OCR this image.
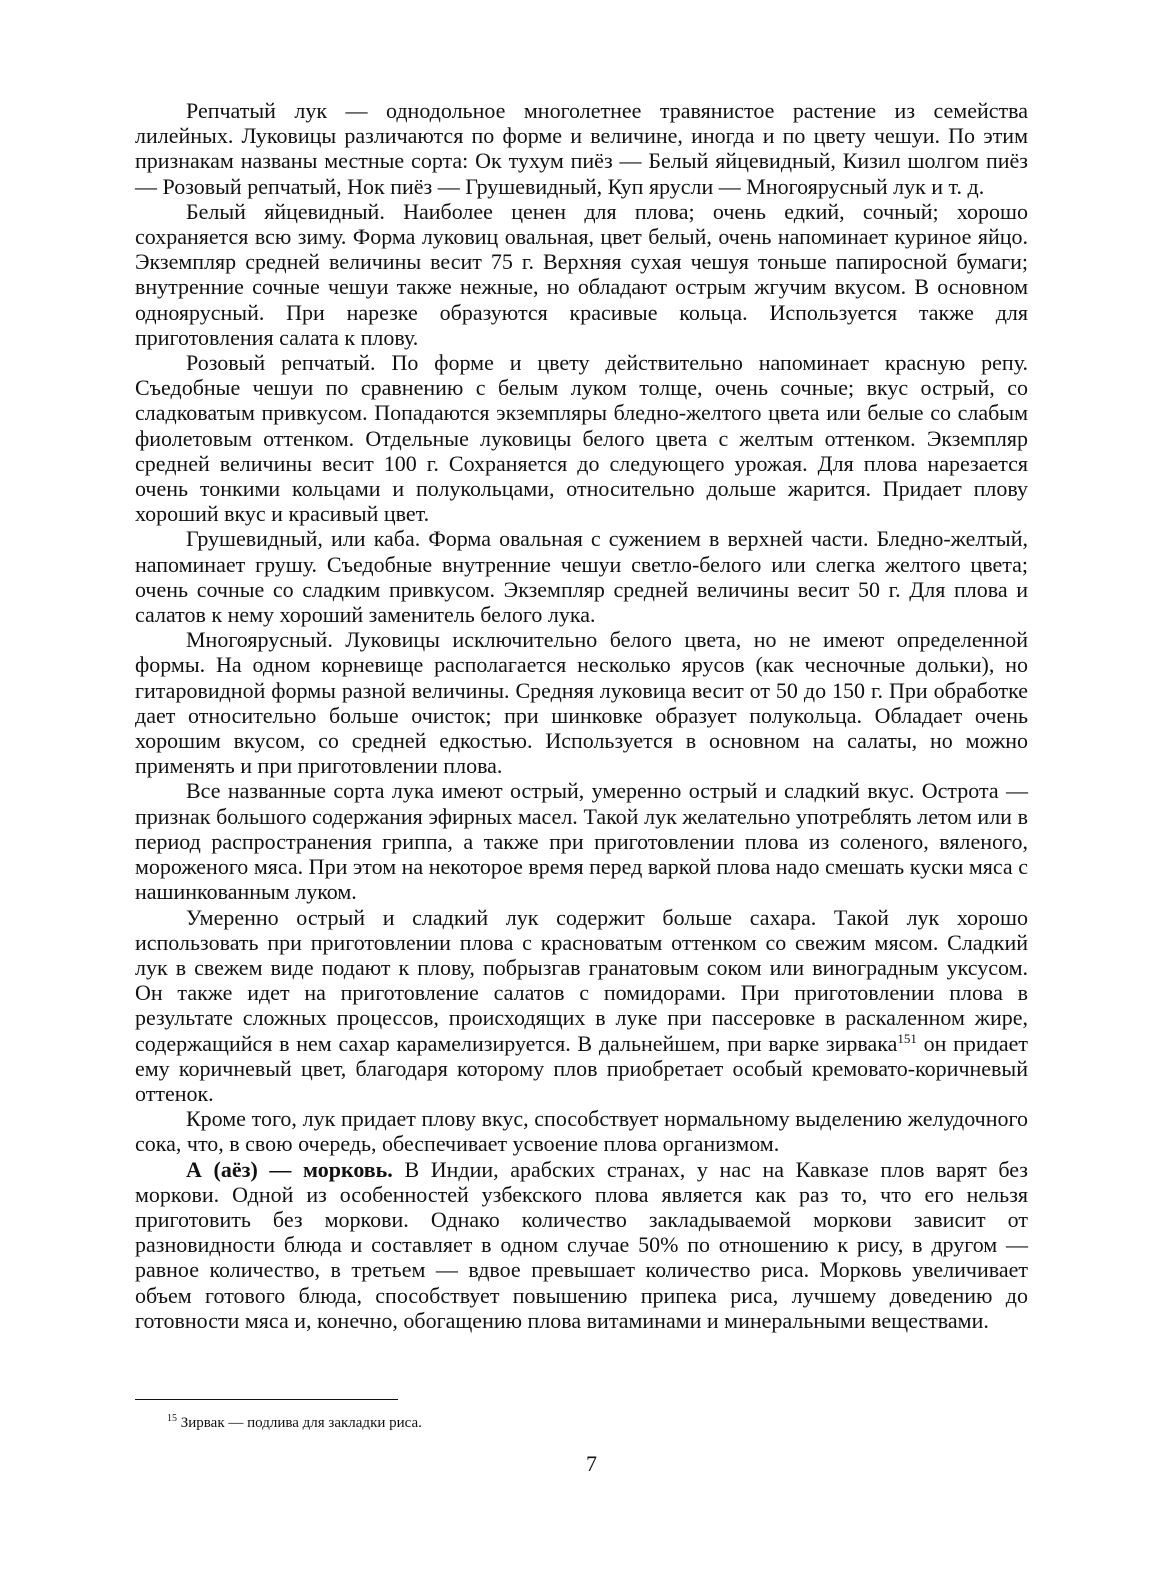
Репчатый лук — однодольное многолетнее травянистое растение из семейства лилейных. Луковицы различаются по форме и величине, иногда и по цвету чешуи. По этим признакам названы местные сорта: Ок тухум пиёз — Белый яйцевидный, Кизил шолгом пиёз — Розовый репчатый, Нок пиёз — Грушевидный, Куп ярусли — Многоярусный лук и т. д.

Белый яйцевидный. Наиболее ценен для плова; очень едкий, сочный; хорошо сохраняется всю зиму. Форма луковиц овальная, цвет белый, очень напоминает куриное яйцо. Экземпляр средней величины весит 75 г. Верхняя сухая чешуя тоньше папиросной бумаги; внутренние сочные чешуи также нежные, но обладают острым жгучим вкусом. В основном одноярусный. При нарезке образуются красивые кольца. Используется также для приготовления салата к плову.

Розовый репчатый. По форме и цвету действительно напоминает красную репу. Съедобные чешуи по сравнению с белым луком толще, очень сочные; вкус острый, со сладковатым привкусом. Попадаются экземпляры бледно-желтого цвета или белые со слабым фиолетовым оттенком. Отдельные луковицы белого цвета с желтым оттенком. Экземпляр средней величины весит 100 г. Сохраняется до следующего урожая. Для плова нарезается очень тонкими кольцами и полукольцами, относительно дольше жарится. Придает плову хороший вкус и красивый цвет.

Грушевидный, или каба. Форма овальная с сужением в верхней части. Бледно-желтый, напоминает грушу. Съедобные внутренние чешуи светло-белого или слегка желтого цвета; очень сочные со сладким привкусом. Экземпляр средней величины весит 50 г. Для плова и салатов к нему хороший заменитель белого лука.

Многоярусный. Луковицы исключительно белого цвета, но не имеют определенной формы. На одном корневище располагается несколько ярусов (как чесночные дольки), но гитаровидной формы разной величины. Средняя луковица весит от 50 до 150 г. При обработке дает относительно больше очисток; при шинковке образует полукольца. Обладает очень хорошим вкусом, со средней едкостью. Используется в основном на салаты, но можно применять и при приготовлении плова.

Все названные сорта лука имеют острый, умеренно острый и сладкий вкус. Острота — признак большого содержания эфирных масел. Такой лук желательно употреблять летом или в период распространения гриппа, а также при приготовлении плова из соленого, вяленого, мороженого мяса. При этом на некоторое время перед варкой плова надо смешать куски мяса с нашинкованным луком.

Умеренно острый и сладкий лук содержит больше сахара. Такой лук хорошо использовать при приготовлении плова с красноватым оттенком со свежим мясом. Сладкий лук в свежем виде подают к плову, побрызгав гранатовым соком или виноградным уксусом. Он также идет на приготовление салатов с помидорами. При приготовлении плова в результате сложных процессов, происходящих в луке при пассеровке в раскаленном жире, содержащийся в нем сахар карамелизируется. В дальнейшем, при варке зирвака$^{151}$ он придает ему коричневый цвет, благодаря которому плов приобретает особый кремовато-коричневый оттенок.

Кроме того, лук придает плову вкус, способствует нормальному выделению желудочного сока, что, в свою очередь, обеспечивает усвоение плова организмом.

А (аёз) — морковь. В Индии, арабских странах, у нас на Кавказе плов варят без моркови. Одной из особенностей узбекского плова является как раз то, что его нельзя приготовить без моркови. Однако количество закладываемой моркови зависит от разновидности блюда и составляет в одном случае 50% по отношению к рису, в другом — равное количество, в третьем — вдвое превышает количество риса. Морковь увеличивает объем готового блюда, способствует повышению припека риса, лучшему доведению до готовности мяса и, конечно, обогащению плова витаминами и минеральными веществами.

$^{15}$ Зирвак — подлива для закладки риса.
7
